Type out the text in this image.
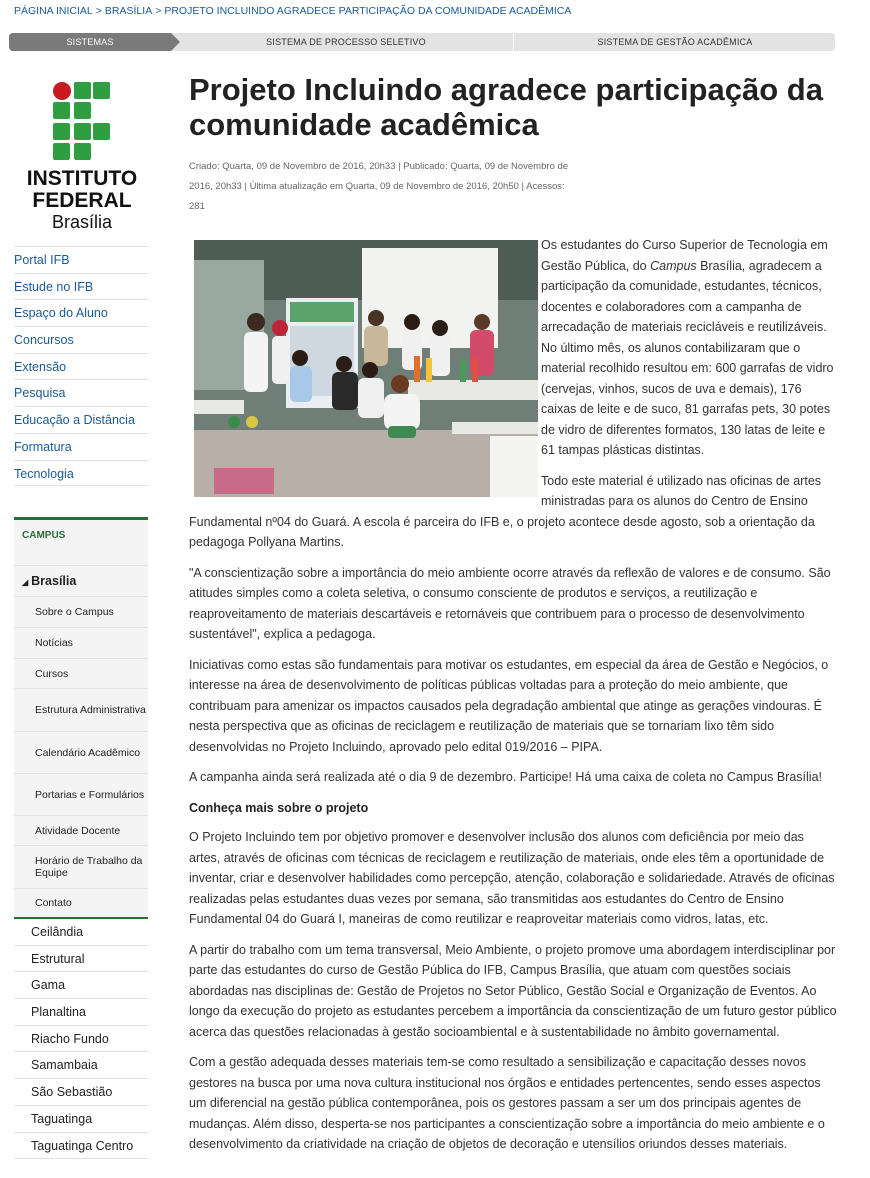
PÁGINA INICIAL > BRASÍLIA > PROJETO INCLUINDO AGRADECE PARTICIPAÇÃO DA COMUNIDADE ACADÊMICA
SISTEMAS	SISTEMA DE PROCESSO SELETIVO	SISTEMA DE GESTÃO ACADÊMICA
INSTITUTO
FEDERAL
Brasília
Portal IFB
Estude no IFB
Espaço do Aluno
Concursos
Extensão
Pesquisa
Educação a Distância
Formatura
Tecnologia
CAMPUS
◢ Brasília
Sobre o Campus
Notícias
Cursos
Estrutura Administrativa
Calendário Acadêmico
Portarias e Formulários
Atividade Docente
Horário de Trabalho da Equipe
Contato
Ceilândia
Estrutural
Gama
Planaltina
Riacho Fundo
Samambaia
São Sebastião
Taguatinga
Taguatinga Centro
Projeto Incluindo agradece participação da comunidade acadêmica
Criado: Quarta, 09 de Novembro de 2016, 20h33 | Publicado: Quarta, 09 de Novembro de 2016, 20h33 | Última atualização em Quarta, 09 de Novembro de 2016, 20h50 | Acessos: 281

Os estudantes do Curso Superior de Tecnologia em Gestão Pública, do Campus Brasília, agradecem a participação da comunidade, estudantes, técnicos, docentes e colaboradores com a campanha de arrecadação de materiais recicláveis e reutilizáveis. No último mês, os alunos contabilizaram que o material recolhido resultou em: 600 garrafas de vidro (cervejas, vinhos, sucos de uva e demais), 176 caixas de leite e de suco, 81 garrafas pets, 30 potes de vidro de diferentes formatos, 130 latas de leite e 61 tampas plásticas distintas.

Todo este material é utilizado nas oficinas de artes ministradas para os alunos do Centro de Ensino Fundamental nº04 do Guará. A escola é parceira do IFB e, o projeto acontece desde agosto, sob a orientação da pedagoga Pollyana Martins.

"A conscientização sobre a importância do meio ambiente ocorre através da reflexão de valores e de consumo. São atitudes simples como a coleta seletiva, o consumo consciente de produtos e serviços, a reutilização e reaproveitamento de materiais descartáveis e retornáveis que contribuem para o processo de desenvolvimento sustentável", explica a pedagoga.

Iniciativas como estas são fundamentais para motivar os estudantes, em especial da área de Gestão e Negócios, o interesse na área de desenvolvimento de políticas públicas voltadas para a proteção do meio ambiente, que contribuam para amenizar os impactos causados pela degradação ambiental que atinge as gerações vindouras. É nesta perspectiva que as oficinas de reciclagem e reutilização de materiais que se tornariam lixo têm sido desenvolvidas no Projeto Incluindo, aprovado pelo edital 019/2016 – PIPA.

A campanha ainda será realizada até o dia 9 de dezembro. Participe! Há uma caixa de coleta no Campus Brasília!

Conheça mais sobre o projeto

O Projeto Incluindo tem por objetivo promover e desenvolver inclusão dos alunos com deficiência por meio das artes, através de oficinas com técnicas de reciclagem e reutilização de materiais, onde eles têm a oportunidade de inventar, criar e desenvolver habilidades como percepção, atenção, colaboração e solidariedade. Através de oficinas realizadas pelas estudantes duas vezes por semana, são transmitidas aos estudantes do Centro de Ensino Fundamental 04 do Guará I, maneiras de como reutilizar e reaproveitar materiais como vidros, latas, etc.

A partir do trabalho com um tema transversal, Meio Ambiente, o projeto promove uma abordagem interdisciplinar por parte das estudantes do curso de Gestão Pública do IFB, Campus Brasília, que atuam com questões sociais abordadas nas disciplinas de: Gestão de Projetos no Setor Público, Gestão Social e Organização de Eventos. Ao longo da execução do projeto as estudantes percebem a importância da conscientização de um futuro gestor público acerca das questões relacionadas à gestão socioambiental e à sustentabilidade no âmbito governamental.

Com a gestão adequada desses materiais tem-se como resultado a sensibilização e capacitação desses novos gestores na busca por uma nova cultura institucional nos órgãos e entidades pertencentes, sendo esses aspectos um diferencial na gestão pública contemporânea, pois os gestores passam a ser um dos principais agentes de mudanças. Além disso, desperta-se nos participantes a conscientização sobre a importância do meio ambiente e o desenvolvimento da criatividade na criação de objetos de decoração e utensílios oriundos desses materiais.
